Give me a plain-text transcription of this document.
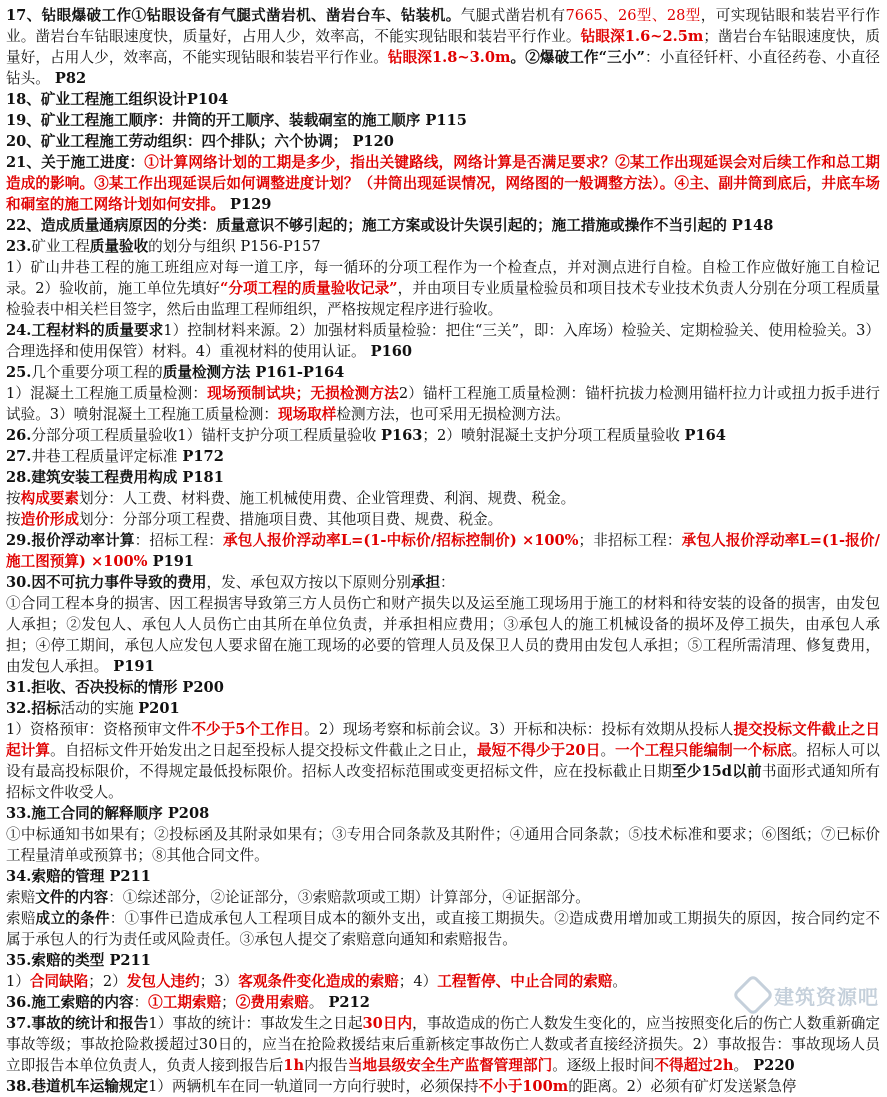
17、钻眼爆破工作①钻眼设备有气腿式凿岩机、凿岩台车、钻装机。气腿式凿岩机有7665、26型、28型，可实现钻眼和装岩平行作业。凿岩台车钻眼速度快，质量好，占用人少，效率高，不能实现钻眼和装岩平行作业。钻眼深1.6~2.5m；凿岩台车钻眼速度快，质量好，占用人少，效率高，不能实现钻眼和装岩平行作业。钻眼深1.8~3.0m。②爆破工作“三小”：小直径钎杆、小直径药卷、小直径钻头。 P82

18、矿业工程施工组织设计P104

19、矿业工程施工顺序：井筒的开工顺序、装载硐室的施工顺序 P115

20、矿业工程施工劳动组织：四个排队；六个协调； P120

21、关于施工进度：①计算网络计划的工期是多少，指出关键路线，网络计算是否满足要求？②某工作出现延误会对后续工作和总工期造成的影响。③某工作出现延误后如何调整进度计划？（井筒出现延误情况，网络图的一般调整方法）。④主、副井筒到底后，井底车场和硐室的施工网络计划如何安排。 P129

22、造成质量通病原因的分类：质量意识不够引起的；施工方案或设计失误引起的；施工措施或操作不当引起的 P148

23.矿业工程质量验收的划分与组织 P156-P157

1）矿山井巷工程的施工班组应对每一道工序，每一循环的分项工程作为一个检查点，并对测点进行自检。自检工作应做好施工自检记录。2）验收前，施工单位先填好“分项工程的质量验收记录”，并由项目专业质量检验员和项目技术专业技术负责人分别在分项工程质量检验表中相关栏目签字，然后由监理工程师组织，严格按规定程序进行验收。

24.工程材料的质量要求1）控制材料来源。2）加强材料质量检验：把住“三关”，即：入库场）检验关、定期检验关、使用检验关。3）合理选择和使用保管）材料。4）重视材料的使用认证。 P160

25.几个重要分项工程的质量检测方法 P161-P164

1）混凝土工程施工质量检测：现场预制试块；无损检测方法2）锚杆工程施工质量检测：锚杆抗拔力检测用锚杆拉力计或扭力扳手进行试验。3）喷射混凝土工程施工质量检测：现场取样检测方法，也可采用无损检测方法。

26.分部分项工程质量验收1）锚杆支护分项工程质量验收 P163；2）喷射混凝土支护分项工程质量验收 P164

27.井巷工程质量评定标准 P172

28.建筑安装工程费用构成 P181

按构成要素划分：人工费、材料费、施工机械使用费、企业管理费、利润、规费、税金。

按造价形成划分：分部分项工程费、措施项目费、其他项目费、规费、税金。

29.报价浮动率计算：招标工程：承包人报价浮动率L=(1-中标价/招标控制价) ×100%；非招标工程：承包人报价浮动率L=(1-报价/施工图预算) ×100% P191

30.因不可抗力事件导致的费用，发、承包双方按以下原则分别承担：

①合同工程本身的损害、因工程损害导致第三方人员伤亡和财产损失以及运至施工现场用于施工的材料和待安装的设备的损害，由发包人承担；②发包人、承包人人员伤亡由其所在单位负责，并承担相应费用；③承包人的施工机械设备的损坏及停工损失，由承包人承担；④停工期间，承包人应发包人要求留在施工现场的必要的管理人员及保卫人员的费用由发包人承担；⑤工程所需清理、修复费用，由发包人承担。 P191

31.拒收、否决投标的情形 P200

32.招标活动的实施 P201

1）资格预审：资格预审文件不少于5个工作日。2）现场考察和标前会议。3）开标和决标：投标有效期从投标人提交投标文件截止之日起计算。自招标文件开始发出之日起至投标人提交投标文件截止之日止，最短不得少于20日。一个工程只能编制一个标底。招标人可以设有最高投标限价，不得规定最低投标限价。招标人改变招标范围或变更招标文件，应在投标截止日期至少15d以前书面形式通知所有招标文件收受人。

33.施工合同的解释顺序 P208

①中标通知书如果有；②投标函及其附录如果有；③专用合同条款及其附件；④通用合同条款；⑤技术标准和要求；⑥图纸；⑦已标价工程量清单或预算书；⑧其他合同文件。

34.索赔的管理 P211

索赔文件的内容：①综述部分，②论证部分，③索赔款项或工期）计算部分，④证据部分。

索赔成立的条件：①事件已造成承包人工程项目成本的额外支出，或直接工期损失。②造成费用增加或工期损失的原因，按合同约定不属于承包人的行为责任或风险责任。③承包人提交了索赔意向通知和索赔报告。

35.索赔的类型 P211

1）合同缺陷；2）发包人违约；3）客观条件变化造成的索赔；4）工程暂停、中止合同的索赔。

36.施工索赔的内容：①工期索赔；②费用索赔。 P212

37.事故的统计和报告1）事故的统计：事故发生之日起30日内，事故造成的伤亡人数发生变化的，应当按照变化后的伤亡人数重新确定事故等级；事故抢险救援超过30日的，应当在抢险救援结束后重新核定事故伤亡人数或者直接经济损失。2）事故报告：事故现场人员立即报告本单位负责人，负责人接到报告后1h内报告当地县级安全生产监督管理部门。逐级上报时间不得超过2h。 P220

38.巷道机车运输规定1）两辆机车在同一轨道同一方向行驶时，必须保持不小于100m的距离。2）必须有矿灯发送紧急停

建筑资源吧
